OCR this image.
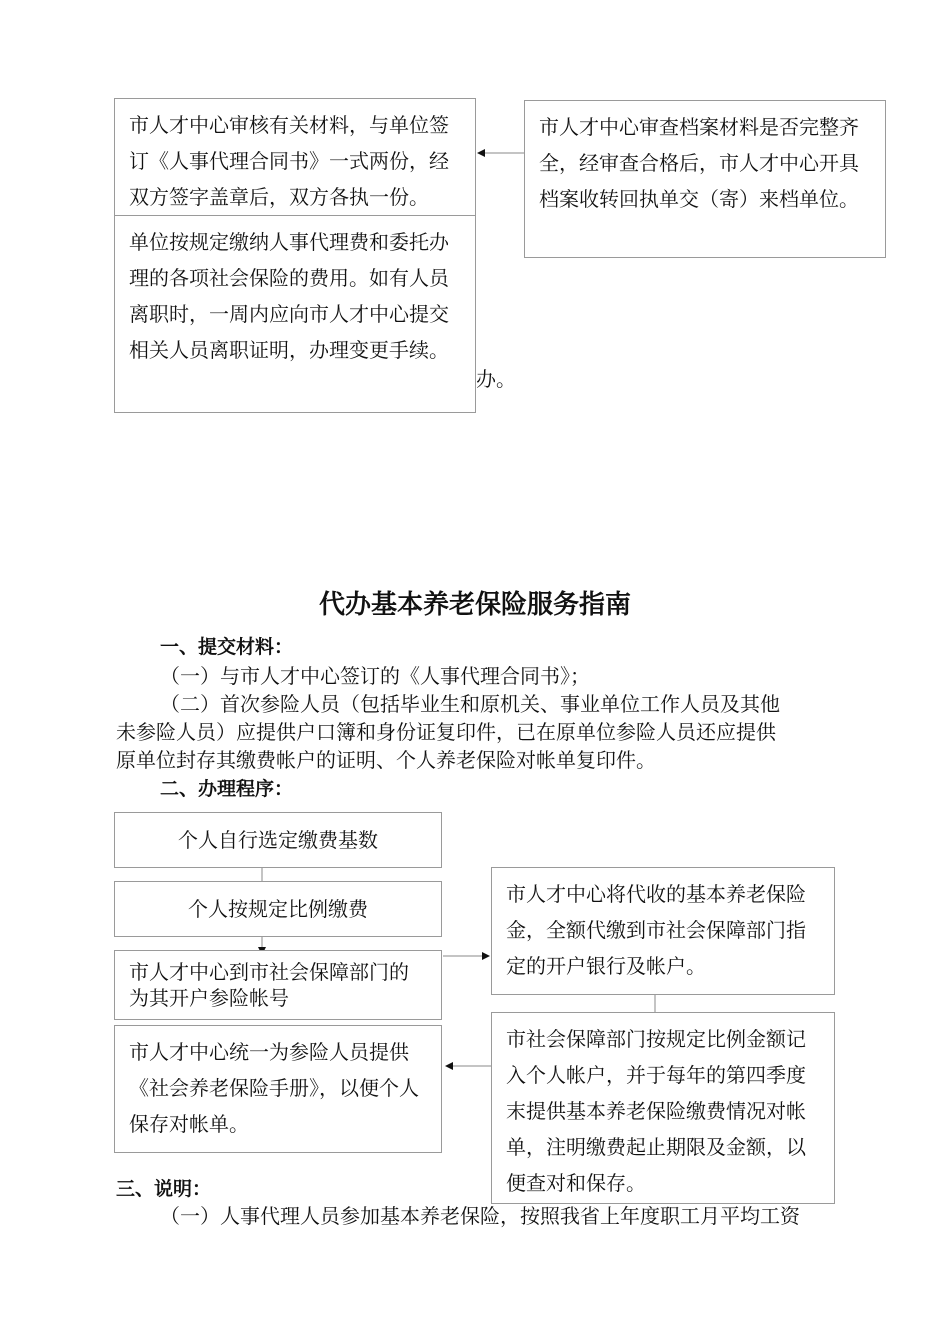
市人才中心审核有关材料，与单位签订《人事代理合同书》一式两份，经双方签字盖章后，双方各执一份。
市人才中心审查档案材料是否完整齐全，经审查合格后，市人才中心开具档案收转回执单交（寄）来档单位。
办。
单位按规定缴纳人事代理费和委托办理的各项社会保险的费用。如有人员离职时，一周内应向市人才中心提交相关人员离职证明，办理变更手续。
代办基本养老保险服务指南
一、提交材料：
（一）与市人才中心签订的《人事代理合同书》；
（二）首次参险人员（包括毕业生和原机关、事业单位工作人员及其他
未参险人员）应提供户口簿和身份证复印件，已在原单位参险人员还应提供
原单位封存其缴费帐户的证明、个人养老保险对帐单复印件。
二、办理程序：
个人自行选定缴费基数
个人按规定比例缴费
市人才中心到市社会保障部门的为其开户参险帐号
市人才中心统一为参险人员提供《社会养老保险手册》，以便个人保存对帐单。
市人才中心将代收的基本养老保险金，全额代缴到市社会保障部门指定的开户银行及帐户。
市社会保障部门按规定比例金额记入个人帐户，并于每年的第四季度末提供基本养老保险缴费情况对帐单，注明缴费起止期限及金额，以便查对和保存。
三、说明：
（一）人事代理人员参加基本养老保险，按照我省上年度职工月平均工资
